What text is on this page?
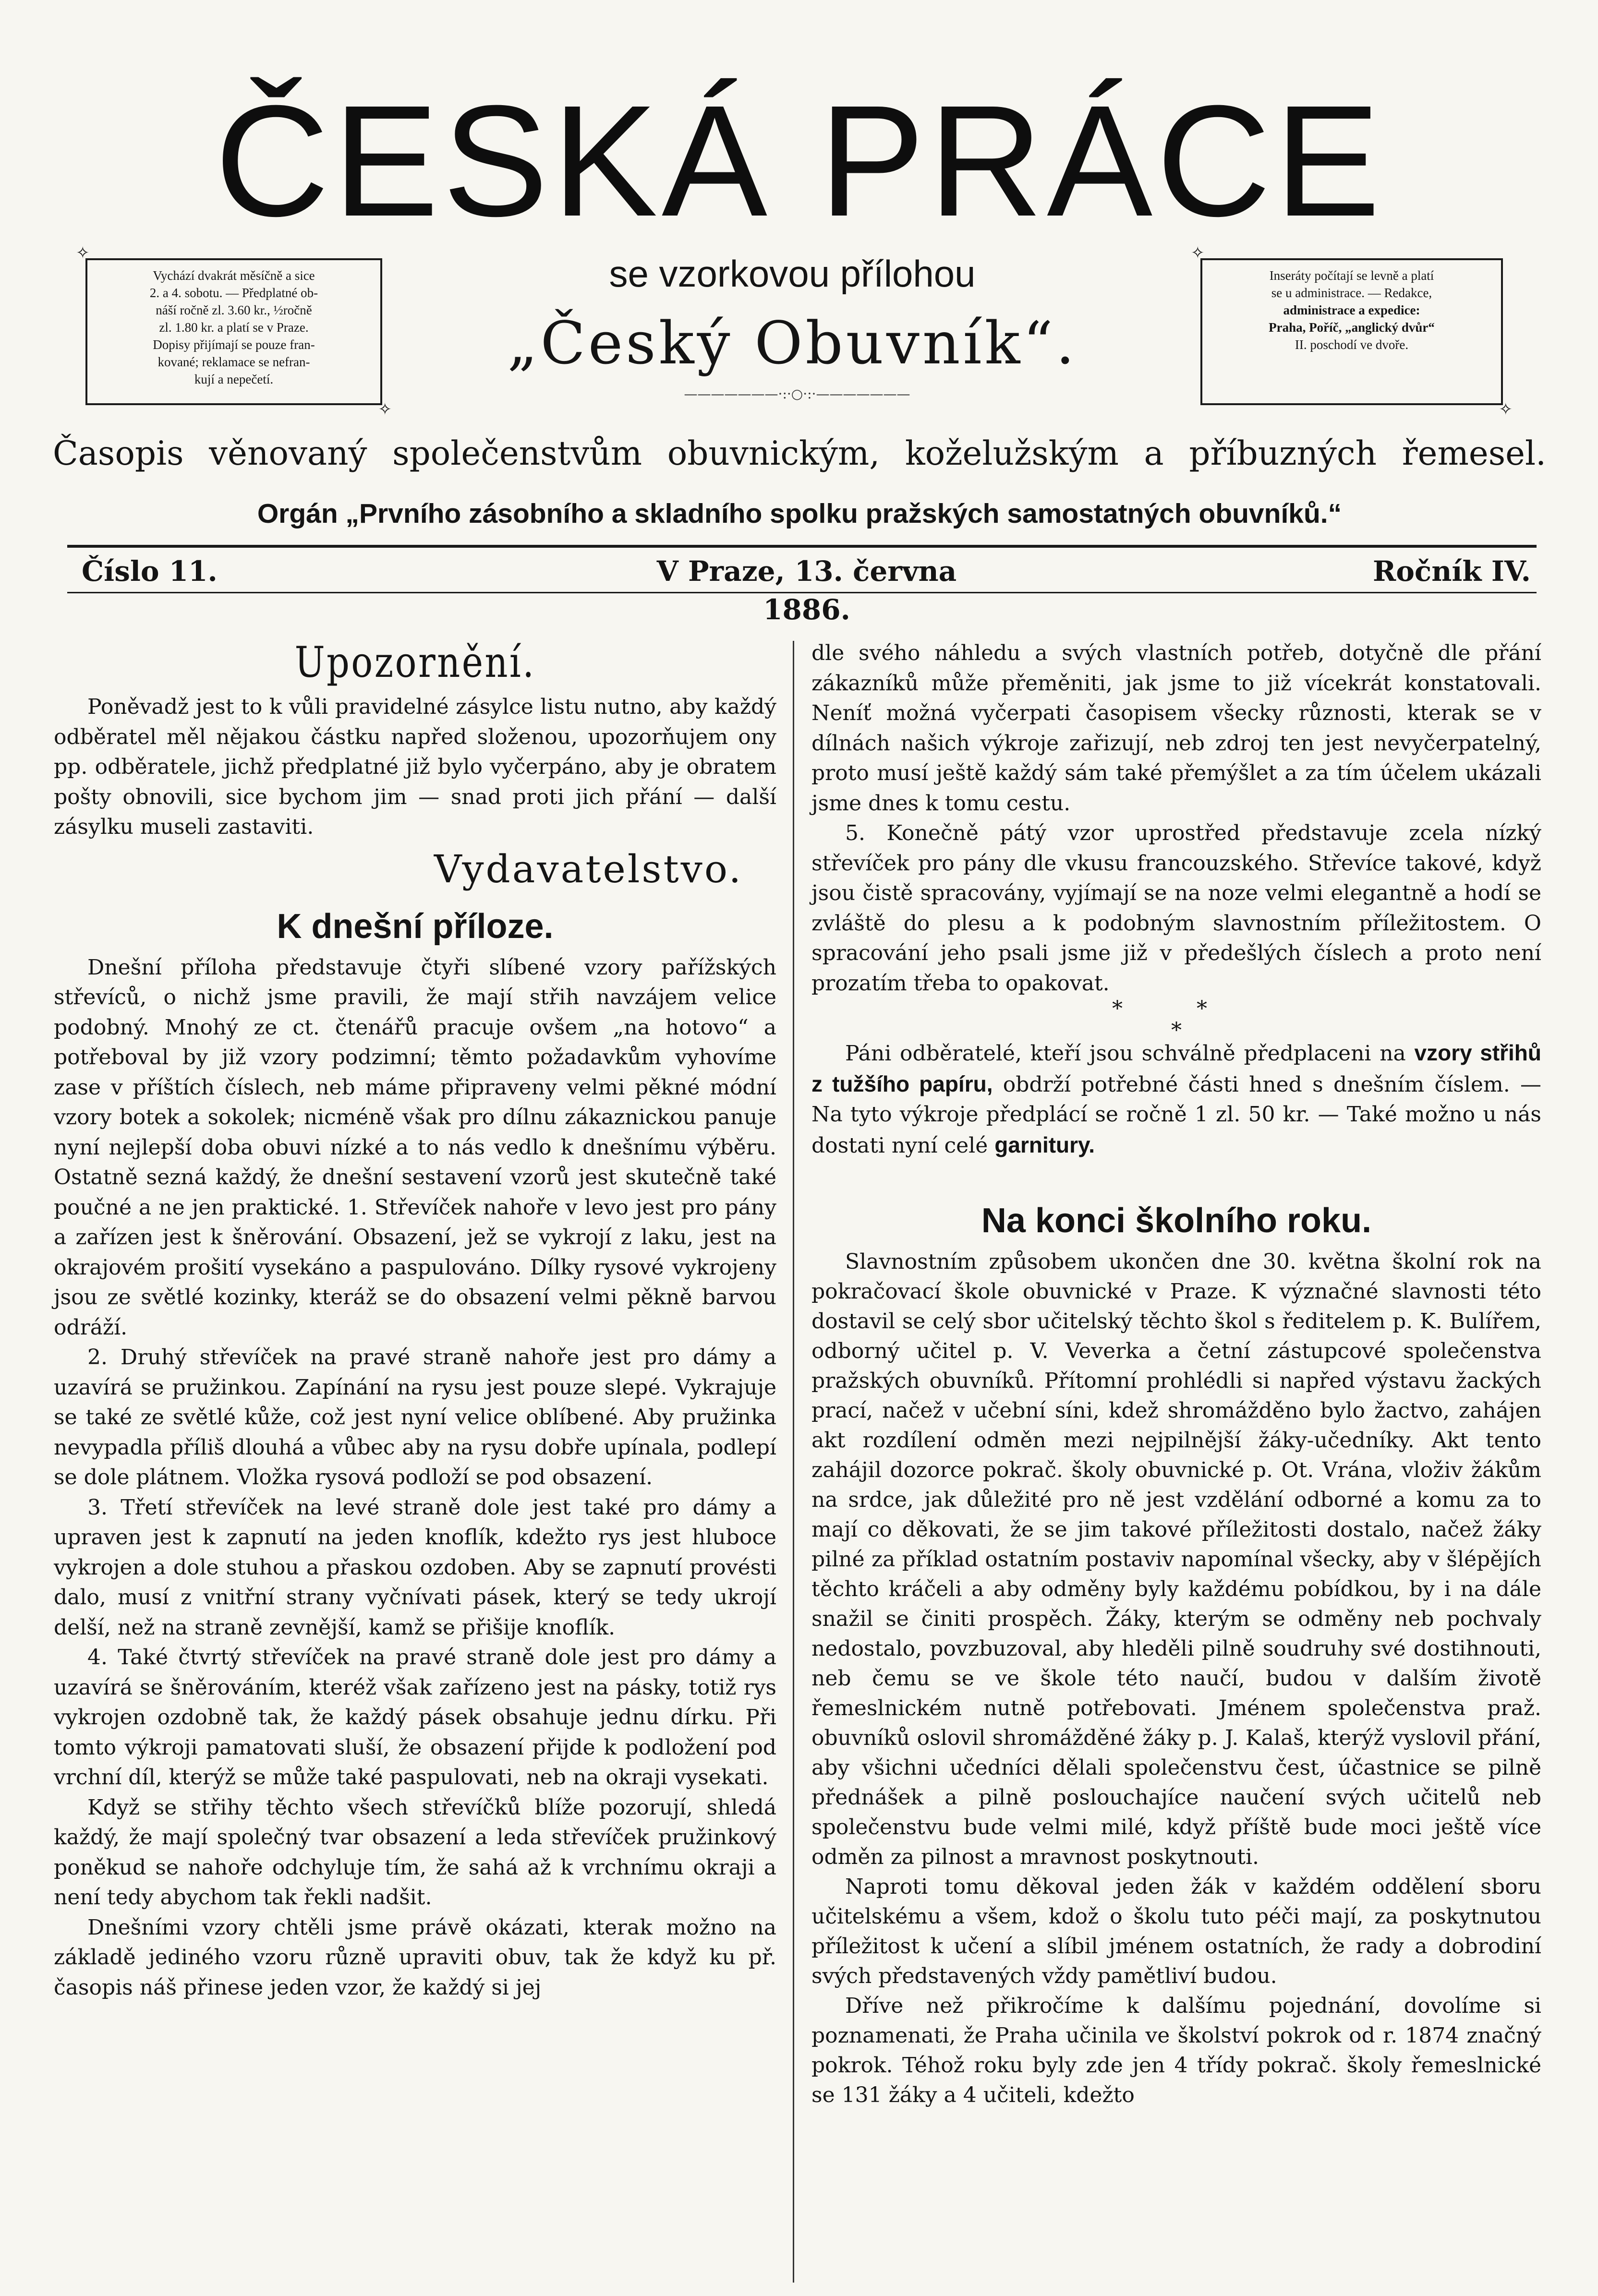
ČESKÁ PRÁCE
✧ Vychází dvakrát měsíčně a sice
2. a 4. sobotu. — Předplatné ob-
náší ročně zl. 3.60 kr., ½ročně
zl. 1.80 kr. a platí se v Praze.
Dopisy přijímají se pouze fran-
kované; reklamace se nefran-
kují a nepečetí.
✧
se vzorkovou přílohou
„Český Obuvník“.
———————·:·○·:·———————
✧ Inseráty počítají se levně a platí
se u administrace. — Redakce,
administrace a expedice:
Praha, Poříč, „anglický dvůr“
II. poschodí ve dvoře.
✧
Časopis věnovaný společenstvům obuvnickým, koželužským a příbuzných řemesel.
Orgán „Prvního zásobního a skladního spolku pražských samostatných obuvníků.“
Číslo 11.	V Praze, 13. června 1886.
Ročník IV.
Upozornění.

Poněvadž jest to k vůli pravidelné zásylce listu nutno, aby každý odběratel měl nějakou částku napřed složenou, upozorňujem ony pp. odběratele, jichž předplatné již bylo vyčerpáno, aby je obratem pošty obnovili, sice bychom jim — snad proti jich přání — další zásylku museli zastaviti.

Vydavatelstvo.
K dnešní příloze.

Dnešní příloha představuje čtyři slíbené vzory pařížských střevíců, o nichž jsme pravili, že mají střih navzájem velice podobný. Mnohý ze ct. čtenářů pracuje ovšem „na hotovo“ a potřeboval by již vzory podzimní; těmto požadavkům vyhovíme zase v příštích číslech, neb máme připraveny velmi pěkné módní vzory botek a sokolek; nicméně však pro dílnu zákaznickou panuje nyní nejlepší doba obuvi nízké a to nás vedlo k dnešnímu výběru. Ostatně sezná každý, že dnešní sestavení vzorů jest skutečně také poučné a ne jen praktické. 1. Střevíček nahoře v levo jest pro pány a zařízen jest k šněrování. Obsazení, jež se vykrojí z laku, jest na okrajovém prošití vysekáno a paspulováno. Dílky rysové vykrojeny jsou ze světlé kozinky, kteráž se do obsazení velmi pěkně barvou odráží.

2. Druhý střevíček na pravé straně nahoře jest pro dámy a uzavírá se pružinkou. Zapínání na rysu jest pouze slepé. Vykrajuje se také ze světlé kůže, což jest nyní velice oblíbené. Aby pružinka nevypadla příliš dlouhá a vůbec aby na rysu dobře upínala, podlepí se dole plátnem. Vložka rysová podloží se pod obsazení.

3. Třetí střevíček na levé straně dole jest také pro dámy a upraven jest k zapnutí na jeden knoflík, kdežto rys jest hluboce vykrojen a dole stuhou a přaskou ozdoben. Aby se zapnutí provésti dalo, musí z vnitřní strany vyčnívati pásek, který se tedy ukrojí delší, než na straně zevnější, kamž se přišije knoflík.

4. Také čtvrtý střevíček na pravé straně dole jest pro dámy a uzavírá se šněrováním, kteréž však zařízeno jest na pásky, totiž rys vykrojen ozdobně tak, že každý pásek obsahuje jednu dírku. Při tomto výkroji pamatovati sluší, že obsazení přijde k podložení pod vrchní díl, kterýž se může také paspulovati, neb na okraji vysekati.

Když se střihy těchto všech střevíčků blíže pozorují, shledá každý, že mají společný tvar obsazení a leda střevíček pružinkový poněkud se nahoře odchyluje tím, že sahá až k vrchnímu okraji a není tedy abychom tak řekli nadšit.

Dnešními vzory chtěli jsme právě okázati, kterak možno na základě jediného vzoru různě upraviti obuv, tak že když ku př. časopis náš přinese jeden vzor, že každý si jej

dle svého náhledu a svých vlastních potřeb, dotyčně dle přání zákazníků může přeměniti, jak jsme to již vícekrát konstatovali. Neníť možná vyčerpati časopisem všecky různosti, kterak se v dílnách našich výkroje zařizují, neb zdroj ten jest nevyčerpatelný, proto musí ještě každý sám také přemýšlet a za tím účelem ukázali jsme dnes k tomu cestu.

5. Konečně pátý vzor uprostřed představuje zcela nízký střevíček pro pány dle vkusu francouzského. Střevíce takové, když jsou čistě spracovány, vyjímají se na noze velmi elegantně a hodí se zvláště do plesu a k podobným slavnostním příležitostem. O spracování jeho psali jsme již v předešlých číslech a proto není prozatím třeba to opakovat.

* *
*

Páni odběratelé, kteří jsou schválně předplaceni na vzory střihů z tužšího papíru, obdrží potřebné části hned s dnešním číslem. — Na tyto výkroje předplácí se ročně 1 zl. 50 kr. — Také možno u nás dostati nyní celé garnitury.

Na konci školního roku.

Slavnostním způsobem ukončen dne 30. května školní rok na pokračovací škole obuvnické v Praze. K význačné slavnosti této dostavil se celý sbor učitelský těchto škol s ředitelem p. K. Bulířem, odborný učitel p. V. Veverka a četní zástupcové společenstva pražských obuvníků. Přítomní prohlédli si napřed výstavu žackých prací, načež v učební síni, kdež shromážděno bylo žactvo, zahájen akt rozdílení odměn mezi nejpilnější žáky-učedníky. Akt tento zahájil dozorce pokrač. školy obuvnické p. Ot. Vrána, vloživ žákům na srdce, jak důležité pro ně jest vzdělání odborné a komu za to mají co děkovati, že se jim takové příležitosti dostalo, načež žáky pilné za příklad ostatním postaviv napomínal všecky, aby v šlépějích těchto kráčeli a aby odměny byly každému pobídkou, by i na dále snažil se činiti prospěch. Žáky, kterým se odměny neb pochvaly nedostalo, povzbuzoval, aby hleděli pilně soudruhy své dostihnouti, neb čemu se ve škole této naučí, budou v dalším životě řemeslnickém nutně potřebovati. Jménem společenstva praž. obuvníků oslovil shromážděné žáky p. J. Kalaš, kterýž vyslovil přání, aby všichni učedníci dělali společenstvu čest, účastnice se pilně přednášek a pilně poslouchajíce naučení svých učitelů neb společenstvu bude velmi milé, když příště bude moci ještě více odměn za pilnost a mravnost poskytnouti.

Naproti tomu děkoval jeden žák v každém oddělení sboru učitelskému a všem, kdož o školu tuto péči mají, za poskytnutou příležitost k učení a slíbil jménem ostatních, že rady a dobrodiní svých představených vždy pamětliví budou.

Dříve než přikročíme k dalšímu pojednání, dovolíme si poznamenati, že Praha učinila ve školství pokrok od r. 1874 značný pokrok. Téhož roku byly zde jen 4 třídy pokrač. školy řemeslnické se 131 žáky a 4 učiteli, kdežto
